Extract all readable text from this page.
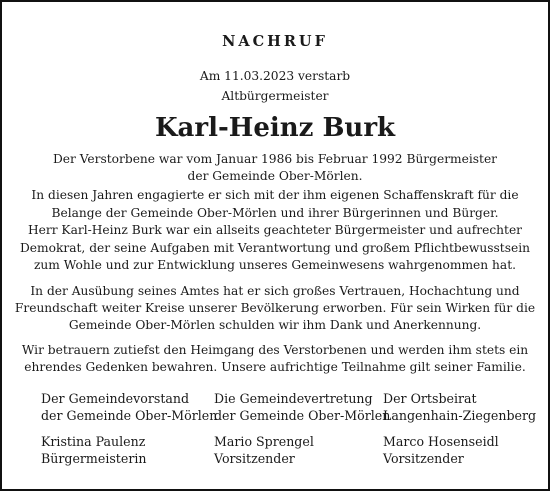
NACHRUF

Am 11.03.2023 verstarb

Altbürgermeister

Karl-Heinz Burk

Der Verstorbene war vom Januar 1986 bis Februar 1992 Bürgermeister

der Gemeinde Ober-Mörlen.

In diesen Jahren engagierte er sich mit der ihm eigenen Schaffenskraft für die

Belange der Gemeinde Ober-Mörlen und ihrer Bürgerinnen und Bürger.

Herr Karl-Heinz Burk war ein allseits geachteter Bürgermeister und aufrechter

Demokrat, der seine Aufgaben mit Verantwortung und großem Pflichtbewusstsein

zum Wohle und zur Entwicklung unseres Gemeinwesens wahrgenommen hat.

In der Ausübung seines Amtes hat er sich großes Vertrauen, Hochachtung und

Freundschaft weiter Kreise unserer Bevölkerung erworben. Für sein Wirken für die

Gemeinde Ober-Mörlen schulden wir ihm Dank und Anerkennung.

Wir betrauern zutiefst den Heimgang des Verstorbenen und werden ihm stets ein

ehrendes Gedenken bewahren. Unsere aufrichtige Teilnahme gilt seiner Familie.

Der Gemeindevorstand

der Gemeinde Ober-Mörlen

Kristina Paulenz

Bürgermeisterin

Die Gemeindevertretung

der Gemeinde Ober-Mörlen

Mario Sprengel

Vorsitzender

Der Ortsbeirat

Langenhain-Ziegenberg

Marco Hosenseidl

Vorsitzender
